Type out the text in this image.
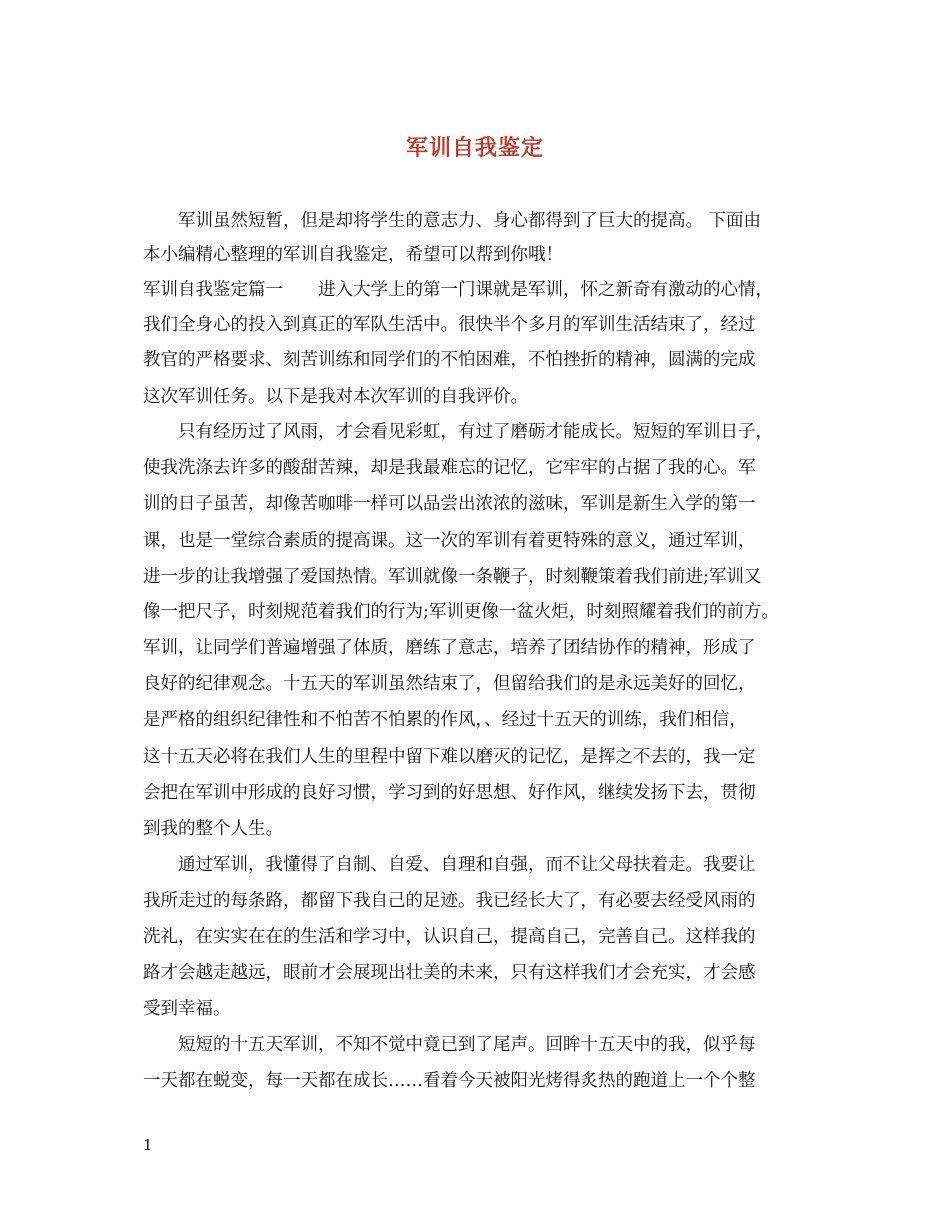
军训自我鉴定
　　军训虽然短暂，但是却将学生的意志力、身心都得到了巨大的提高。 下面由
本小编精心整理的军训自我鉴定，希望可以帮到你哦！
军训自我鉴定篇一　　进入大学上的第一门课就是军训，怀之新奇有激动的心情，
我们全身心的投入到真正的军队生活中。很快半个多月的军训生活结束了，经过
教官的严格要求、刻苦训练和同学们的不怕困难，不怕挫折的精神，圆满的完成
这次军训任务。以下是我对本次军训的自我评价。
　　只有经历过了风雨，才会看见彩虹，有过了磨砺才能成长。短短的军训日子，
使我洗涤去许多的酸甜苦辣，却是我最难忘的记忆，它牢牢的占据了我的心。军
训的日子虽苦，却像苦咖啡一样可以品尝出浓浓的滋味，军训是新生入学的第一
课，也是一堂综合素质的提高课。这一次的军训有着更特殊的意义，通过军训，
进一步的让我增强了爱国热情。军训就像一条鞭子，时刻鞭策着我们前进;军训又
像一把尺子，时刻规范着我们的行为;军训更像一盆火炬，时刻照耀着我们的前方。
军训，让同学们普遍增强了体质，磨练了意志，培养了团结协作的精神，形成了
良好的纪律观念。十五天的军训虽然结束了，但留给我们的是永远美好的回忆，
是严格的组织纪律性和不怕苦不怕累的作风，、经过十五天的训练，我们相信，
这十五天必将在我们人生的里程中留下难以磨灭的记忆，是挥之不去的，我一定
会把在军训中形成的良好习惯，学习到的好思想、好作风，继续发扬下去，贯彻
到我的整个人生。
　　通过军训，我懂得了自制、自爱、自理和自强，而不让父母扶着走。我要让
我所走过的每条路，都留下我自己的足迹。我已经长大了，有必要去经受风雨的
洗礼，在实实在在的生活和学习中，认识自己，提高自己，完善自己。这样我的
路才会越走越远，眼前才会展现出壮美的未来，只有这样我们才会充实，才会感
受到幸福。
　　短短的十五天军训，不知不觉中竟已到了尾声。回眸十五天中的我，似乎每
一天都在蜕变，每一天都在成长……看着今天被阳光烤得炙热的跑道上一个个整
1
